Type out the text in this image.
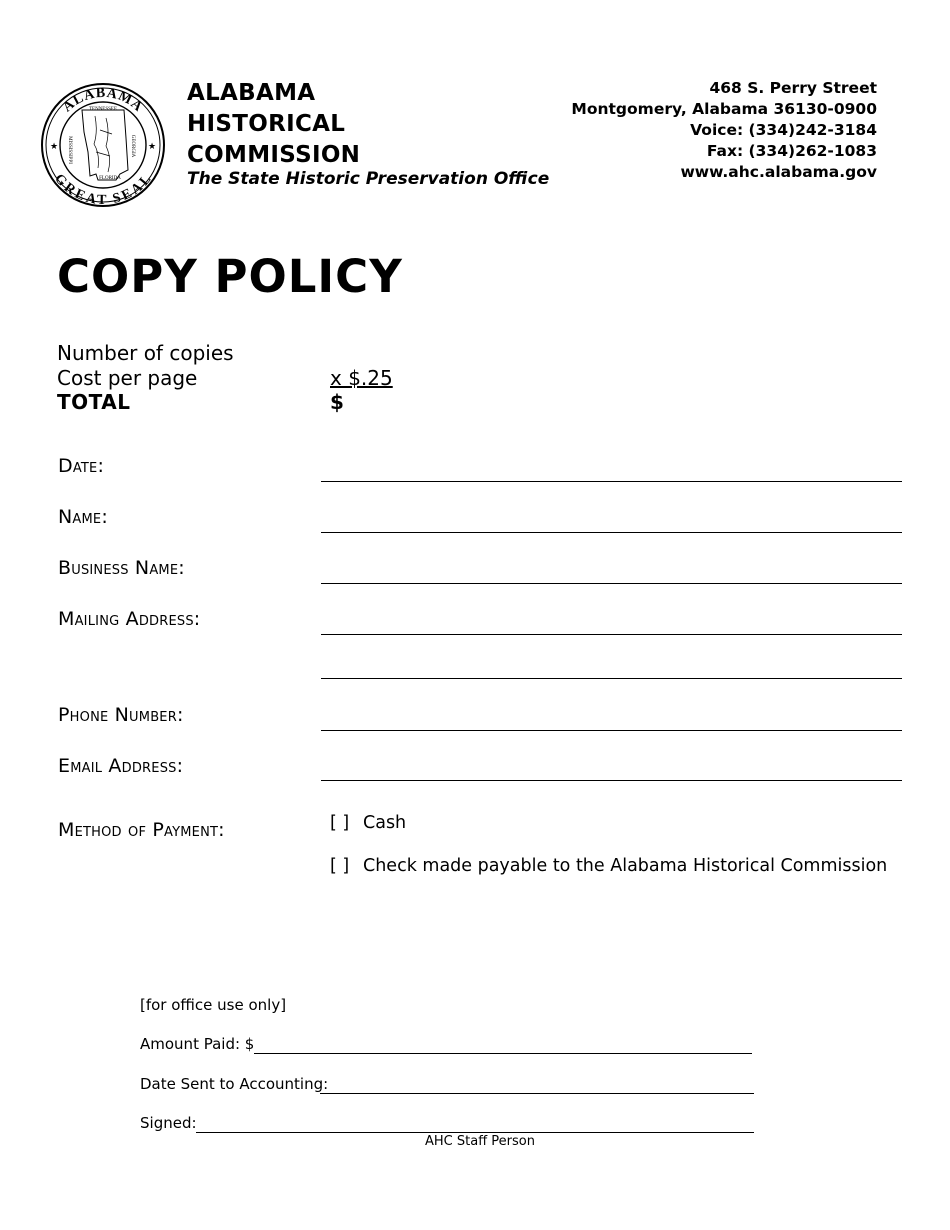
ALABAMA
GREAT SEAL
★	★
TENNESSEE
MISSISSIPPI	GEORGIA
FLORIDA
ALABAMA
HISTORICAL
COMMISSION
The State Historic Preservation Office
468 S. Perry Street
Montgomery, Alabama 36130-0900
Voice: (334)242-3184
Fax: (334)262-1083
www.ahc.alabama.gov
COPY POLICY
Number of copies
Cost per page	x $.25
TOTAL	$
Date:
Name:
Business Name:
Mailing Address:
Phone Number:
Email Address:
Method of Payment:	[ ] Cash
[ ] Check made payable to the Alabama Historical Commission
[for office use only]
Amount Paid: $
Date Sent to Accounting:
Signed:
AHC Staff Person
